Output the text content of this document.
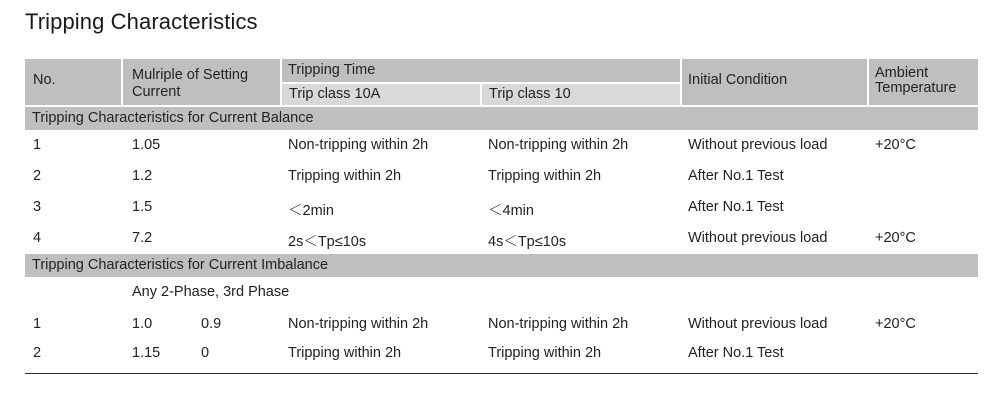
Tripping Characteristics
No.	Mulriple of Setting
Current
Tripping Time
Trip class 10A	Trip class 10
Initial Condition	Ambient
Temperature
Tripping Characteristics for Current Balance
1	1.05	Non-tripping within 2h	Non-tripping within 2h	Without previous load	+20°C
2	1.2	Tripping within 2h	Tripping within 2h	After No.1 Test
3	1.5	＜2min	＜4min	After No.1 Test
4	7.2	2s＜Tp≤10s	4s＜Tp≤10s	Without previous load	+20°C
Tripping Characteristics for Current Imbalance
Any 2-Phase, 3rd Phase
1	1.0	0.9	Non-tripping within 2h	Non-tripping within 2h	Without previous load	+20°C
2	1.15	0	Tripping within 2h	Tripping within 2h	After No.1 Test
